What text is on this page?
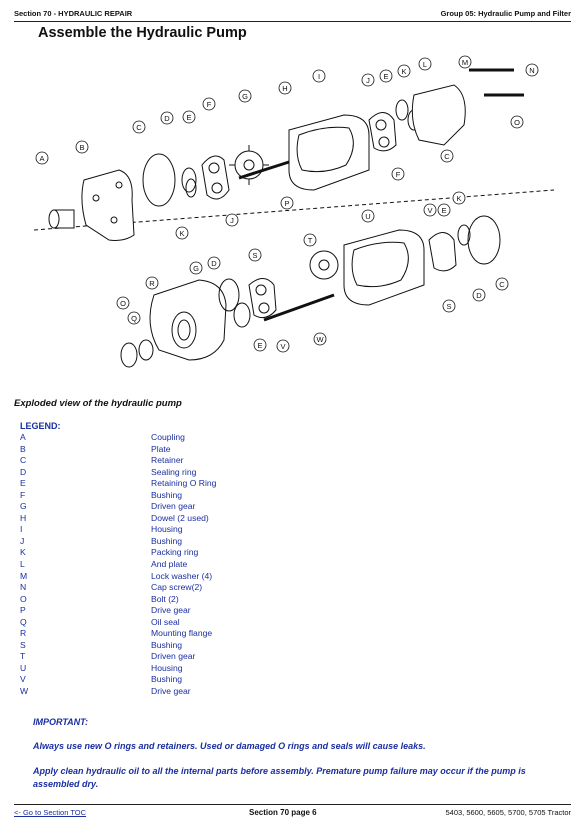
Section 70 - HYDRAULIC REPAIR	Group 05: Hydraulic Pump and Filter
Assemble the Hydraulic Pump
A
B
C
D E
F
G
H
I	J E
K
L	M
N
O
C
F
K
J
P
U
V E
K
T
D
G
S
R
O
Q
E V
W
S
D
C
Exploded view of the hydraulic pump
LEGEND:
A	Coupling
B	Plate
C	Retainer
D	Sealing ring
E	Retaining O Ring
F	Bushing
G	Driven gear
H	Dowel (2 used)
I	Housing
J	Bushing
K	Packing ring
L	And plate
M	Lock washer (4)
N	Cap screw(2)
O	Bolt (2)
P	Drive gear
Q	Oil seal
R	Mounting flange
S	Bushing
T	Driven gear
U	Housing
V	Bushing
W	Drive gear
IMPORTANT:
Always use new O rings and retainers. Used or damaged O rings and seals will cause leaks.
Apply clean hydraulic oil to all the internal parts before assembly. Premature pump failure may occur if the pump is assembled dry.
<- Go to Section TOC	Section 70 page 6	5403, 5600, 5605, 5700, 5705 Tractor
